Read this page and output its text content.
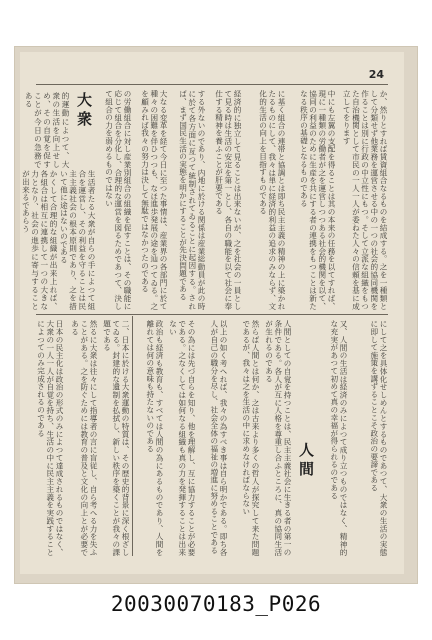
24
か、然りとすれば賃資組合なるものを結成する。之を一種類として分類せず他業務を運営させる中の一つの社会的協同機関を作ることは別に行政の中立性にもつ。そして立派な組織をもつた自治機関として市民の一人一人が委ねた人々の信頼を基に成立してをります
中にも左翼の支配を得ることは其の本来の任務を以てすれば、現に一種類の労働者が之を運営しつつある社会的機関を以て、協同の利益のために生産を共にする者の連携をもつことは新たなる秩序の基礎となるものである
に基く組合の連帯と協調とは即ち民主主義の精神の上に築かれたるものにして、我々は単に経済的利益の追求のみならず、文化的生活の向上を目指すものである
経済的に独立して見ることは出来ないが、之を社会の一員として見る時は生活の安定を第一とし、各自の職能を以て社会に奉仕する精神を養ふことが肝要である
する外ないのであり、内地に於ける関係は産業総動員が此の時に於て各方面に亙つて統制されてゐることに起因する。されば、まず国民生活の実態を明かにすることが先決問題である
大なる変革を経て今日に至つた事情は、産業界の各部門に於て種々の困難を伴ひつつも、なほ進歩発展の途を辿つてゐる。之を顧みれば我々の努力は決して無駄ではなかつたのである
の労働組合に対し産業別組合の組織を促すことは、その職能に応じて組合を分化し、合理的な運営を図るためであつて、決して組合の力を弱めるものではない
生活者たる大衆が自らの手によつて組合を運営し、その利益を守ることは民主主義社会の根本原則であり、之を措いて他に途はないのである
かくして合理的な組織が出来上れば、各組合は相互に連携して一つの大きな力となり、社会の進歩に寄与することが出来るであらう
大衆
的運動によつて、大衆の生活を向上せしめ、その自覚を促すことが今日の急務である
にして之を具体化せしめんとするものであつて、大衆の生活の実態に即して施策を講ずることこそ政治の要諦である
又、人間の生活は経済のみによつて成り立つものではなく、精神的な充実があつて初めて真の幸福が得られるのである
人間
人間としての自覚を持つことは、民主主義社会に生きる者の第一の条件である。各人が互に人格を尊重し合ふところに、真の協同生活が生れるのである
然らば人間とは何か、之は古来より多くの哲人が探究して来た問題であるが、我々は之を生活の中に求めなければならない
以上の如く考へれば、我々の為すべき事は自ら明かである。即ち各人が自己の職分を尽し、社会全体の福祉の増進に努めることである
その為には先づ自らを知り、他を理解し、互に協力することが必要である。之なくしては如何なる組織も真の力を発揮することは出来ない
政治も経済も教育も、すべては人間の為にあるものであり、人間を離れては何の意味も持たないのである
二、日本に於ける大衆運動の特質は、その歴史的背景に深く根ざしてゐる。封建的な遺制を払拭し、新しい秩序を築くことが我々の課題である
然るに大衆は往々にして指導者の言に盲従し、自ら考へる力を失ふことがある。之を防ぐためには教育の普及と文化の向上とが必要である
日本の民主化は政治の形式のみによつて達成されるものではなく、大衆の一人一人が自覚を持ち、生活の中に民主主義を実践することによつてのみ完成されるのである
20030070183_P026
